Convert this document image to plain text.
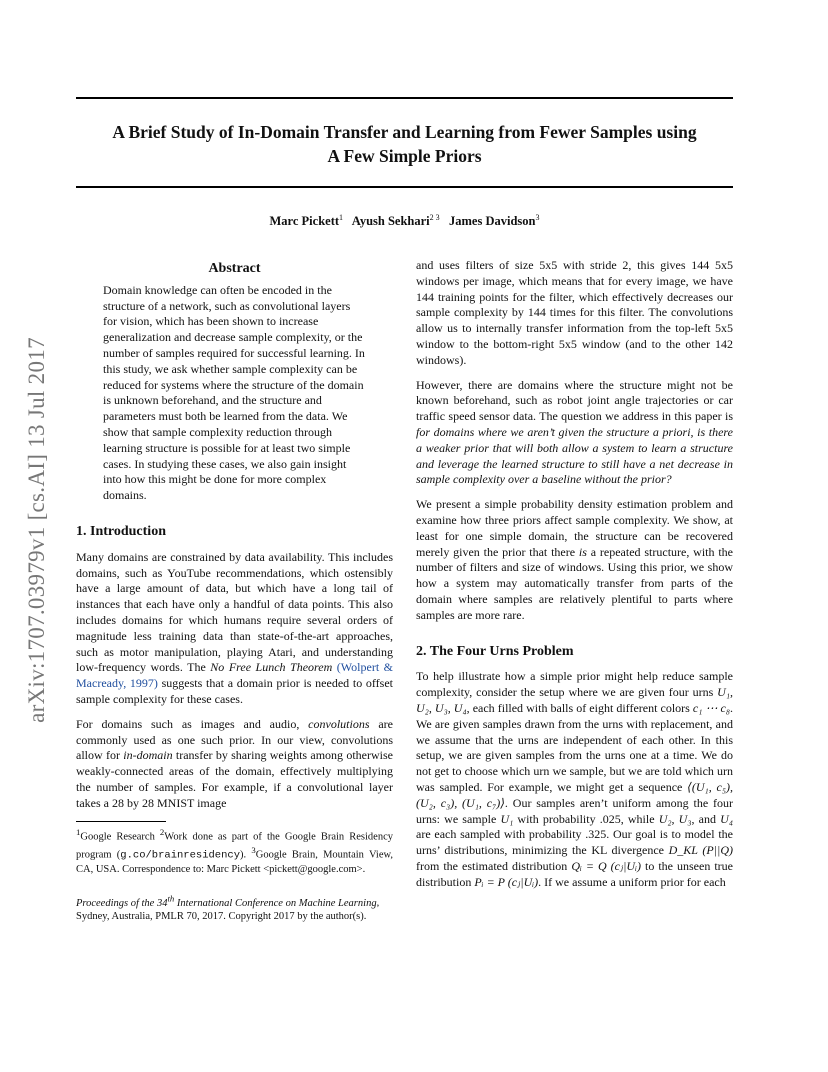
A Brief Study of In-Domain Transfer and Learning from Fewer Samples using
A Few Simple Priors

Marc Pickett$^1$ Ayush Sekhari$^{2 3}$ James Davidson$^3$

arXiv:1707.03979v1 [cs.AI] 13 Jul 2017
Abstract

Domain knowledge can often be encoded in the structure of a network, such as convolutional layers for vision, which has been shown to increase generalization and decrease sample complexity, or the number of samples required for successful learning. In this study, we ask whether sample complexity can be reduced for systems where the structure of the domain is unknown beforehand, and the structure and parameters must both be learned from the data. We show that sample complexity reduction through learning structure is possible for at least two simple cases. In studying these cases, we also gain insight into how this might be done for more complex domains.

1. Introduction

Many domains are constrained by data availability. This includes domains, such as YouTube recommendations, which ostensibly have a large amount of data, but which have a long tail of instances that each have only a handful of data points. This also includes domains for which humans require several orders of magnitude less training data than state-of-the-art approaches, such as motor manipulation, playing Atari, and understanding low-frequency words. The No Free Lunch Theorem (Wolpert & Macready, 1997) suggests that a domain prior is needed to offset sample complexity for these cases.

For domains such as images and audio, convolutions are commonly used as one such prior. In our view, convolutions allow for in-domain transfer by sharing weights among otherwise weakly-connected areas of the domain, effectively multiplying the number of samples. For example, if a convolutional layer takes a 28 by 28 MNIST image

$^1$Google Research $^2$Work done as part of the Google Brain Residency program (g.co/brainresidency). $^3$Google Brain, Mountain View, CA, USA. Correspondence to: Marc Pickett <pickett@google.com>.
Proceedings of the 34th International Conference on Machine Learning, Sydney, Australia, PMLR 70, 2017. Copyright 2017 by the author(s).

and uses filters of size 5x5 with stride 2, this gives 144 5x5 windows per image, which means that for every image, we have 144 training points for the filter, which effectively decreases our sample complexity by 144 times for this filter. The convolutions allow us to internally transfer information from the top-left 5x5 window to the bottom-right 5x5 window (and to the other 142 windows).

However, there are domains where the structure might not be known beforehand, such as robot joint angle trajectories or car traffic speed sensor data. The question we address in this paper is for domains where we aren’t given the structure a priori, is there a weaker prior that will both allow a system to learn a structure and leverage the learned structure to still have a net decrease in sample complexity over a baseline without the prior?

We present a simple probability density estimation problem and examine how three priors affect sample complexity. We show, at least for one simple domain, the structure can be recovered merely given the prior that there is a repeated structure, with the number of filters and size of windows. Using this prior, we show how a system may automatically transfer from parts of the domain where samples are relatively plentiful to parts where samples are more rare.

2. The Four Urns Problem

To help illustrate how a simple prior might help reduce sample complexity, consider the setup where we are given four urns U₁, U₂, U₃, U₄, each filled with balls of eight different colors c₁ ⋯ c₈. We are given samples drawn from the urns with replacement, and we assume that the urns are independent of each other. In this setup, we are given samples from the urns one at a time. We do not get to choose which urn we sample, but we are told which urn was sampled. For example, we might get a sequence ⟨(U₁, c₅), (U₂, c₃), (U₁, c₇)⟩. Our samples aren’t uniform among the four urns: we sample U₁ with probability .025, while U₂, U₃, and U₄ are each sampled with probability .325. Our goal is to model the urns’ distributions, minimizing the KL divergence D_KL (P||Q) from the estimated distribution Qᵢ = Q (cⱼ|Uᵢ) to the unseen true distribution Pᵢ = P (cⱼ|Uᵢ). If we assume a uniform prior for each
